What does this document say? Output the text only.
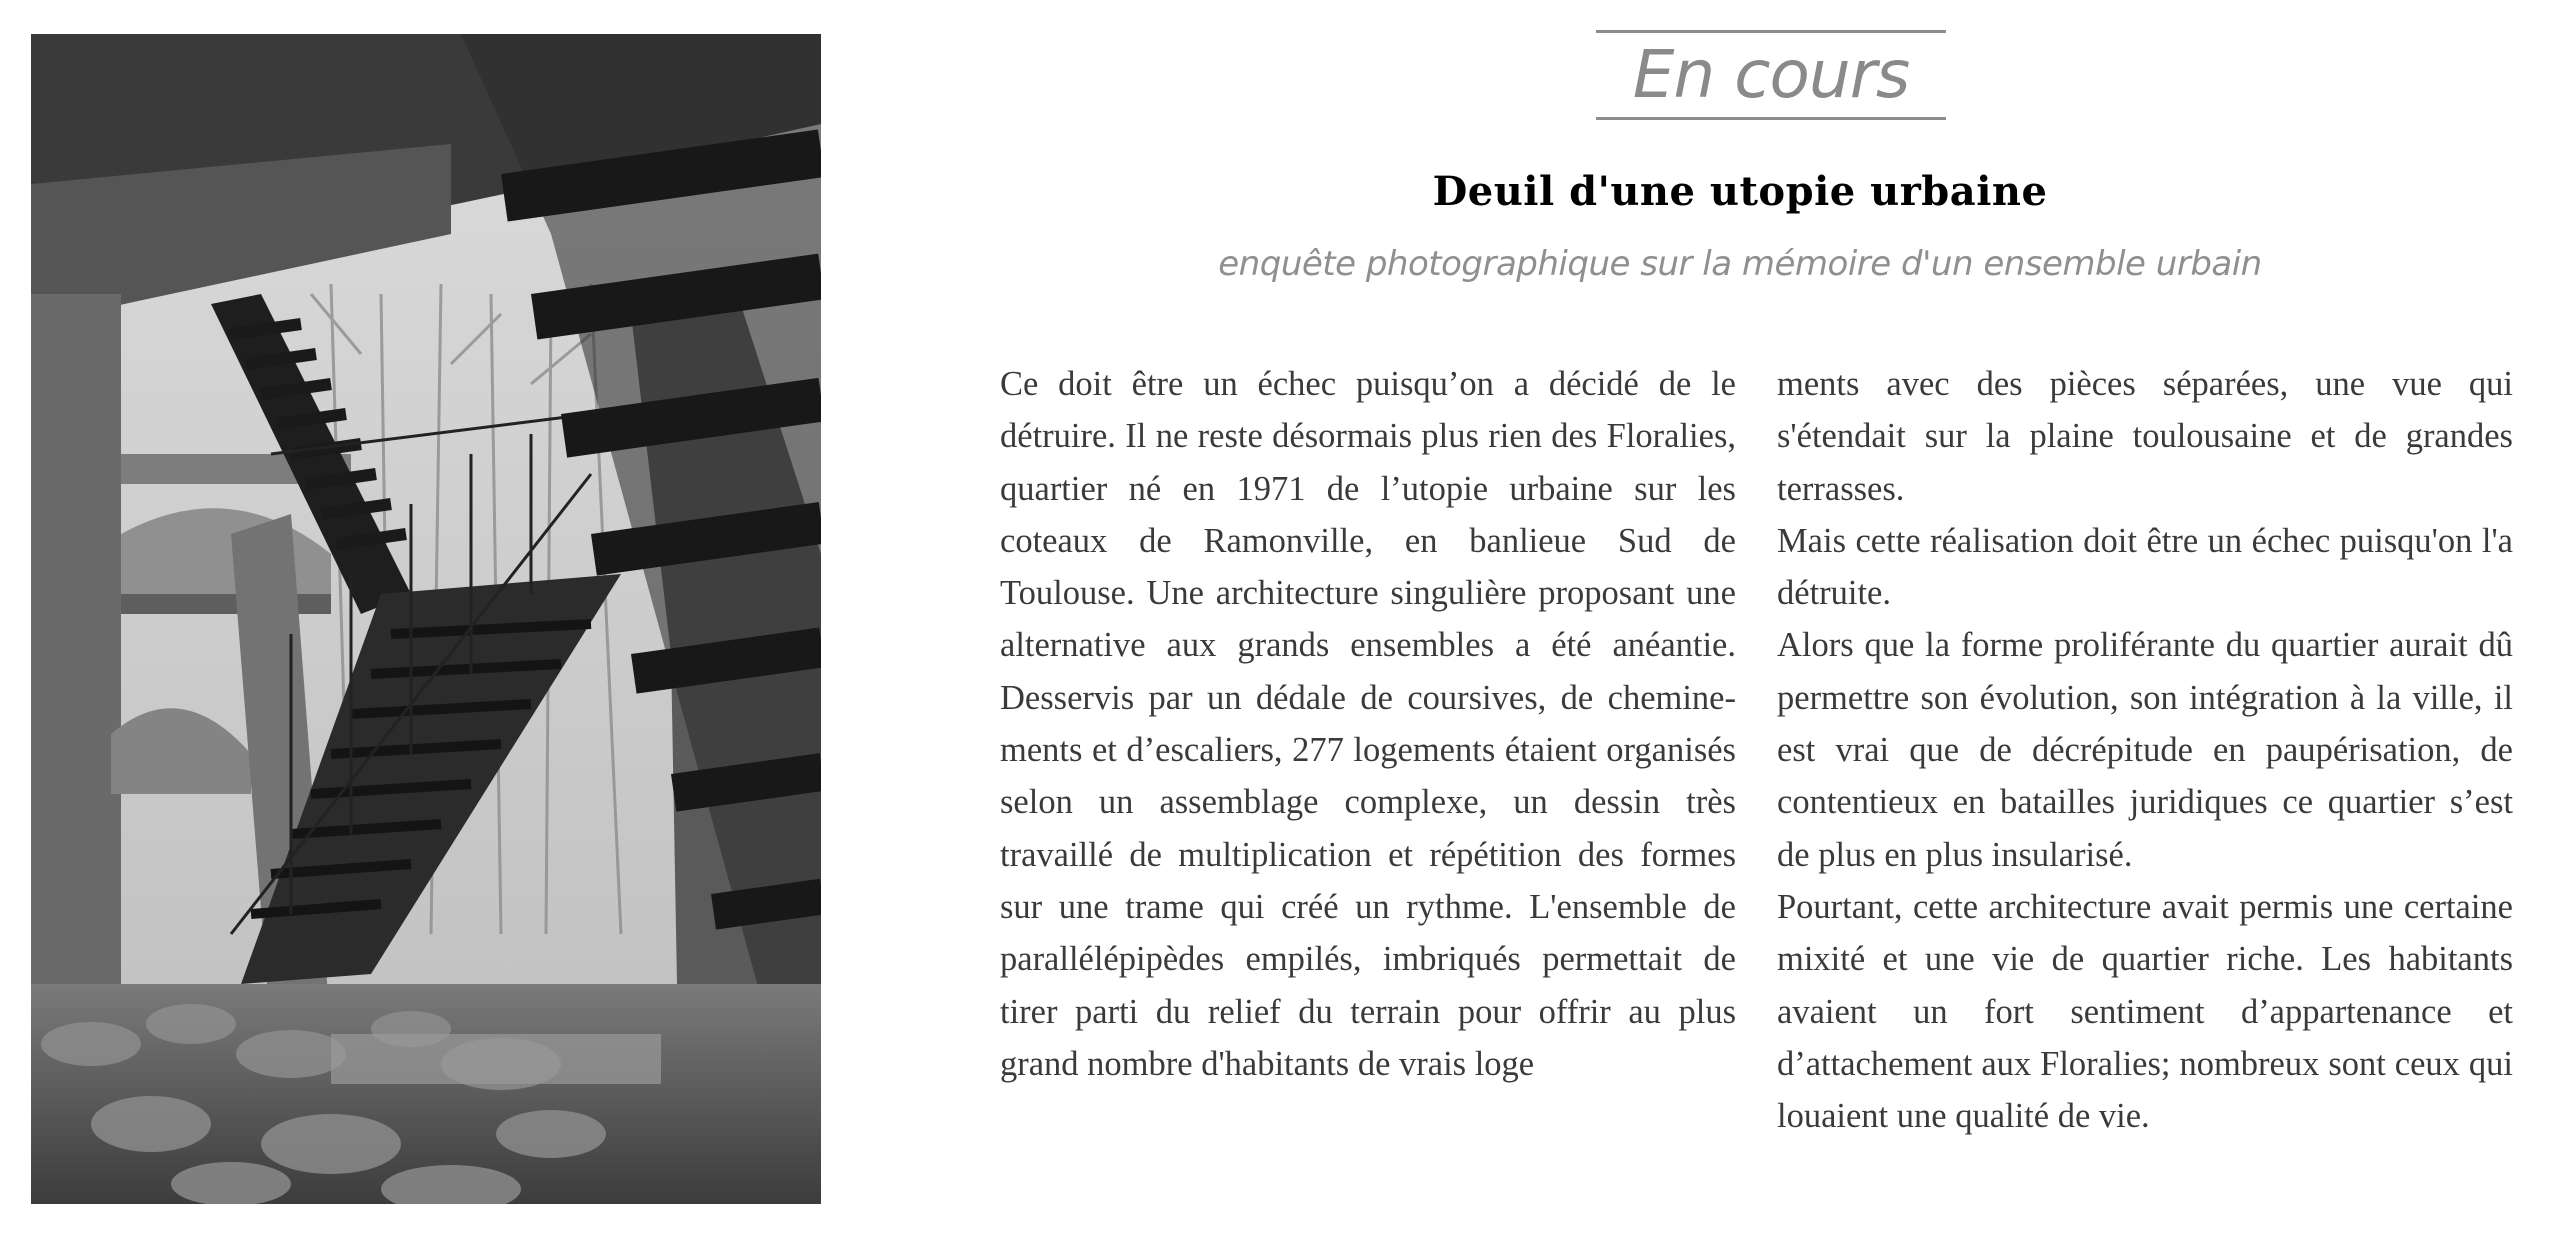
En cours
Deuil d'une utopie urbaine
enquête photographique sur la mémoire d'un ensemble urbain

Ce doit être un échec puisqu’on a décidé de le détruire. Il ne reste désormais plus rien des Floralies, quartier né en 1971 de l’utopie urbaine sur les coteaux de Ramonville, en banlieue Sud de Toulouse. Une architecture singulière proposant une alternative aux grands ensembles a été anéantie. Desservis par un dédale de coursives, de cheminements et d’escaliers, 277 logements étaient organisés selon un assemblage complexe, un dessin très travaillé de multiplication et répétition des formes sur une trame qui créé un rythme. L'ensemble de parallélépipèdes empilés, imbriqués permettait de tirer parti du relief du terrain pour offrir au plus grand nombre d'habitants de vrais loge

ments avec des pièces séparées, une vue qui s'étendait sur la plaine toulousaine et de grandes terrasses.

Mais cette réalisation doit être un échec puisqu'on l'a détruite.

Alors que la forme proliférante du quartier aurait dû permettre son évolution, son intégration à la ville, il est vrai que de décrépitude en paupérisation, de contentieux en batailles juridiques ce quartier s’est de plus en plus insularisé.

Pourtant, cette architecture avait permis une certaine mixité et une vie de quartier riche. Les habitants avaient un fort sentiment d’appartenance et d’attachement aux Floralies; nombreux sont ceux qui louaient une qualité de vie.
